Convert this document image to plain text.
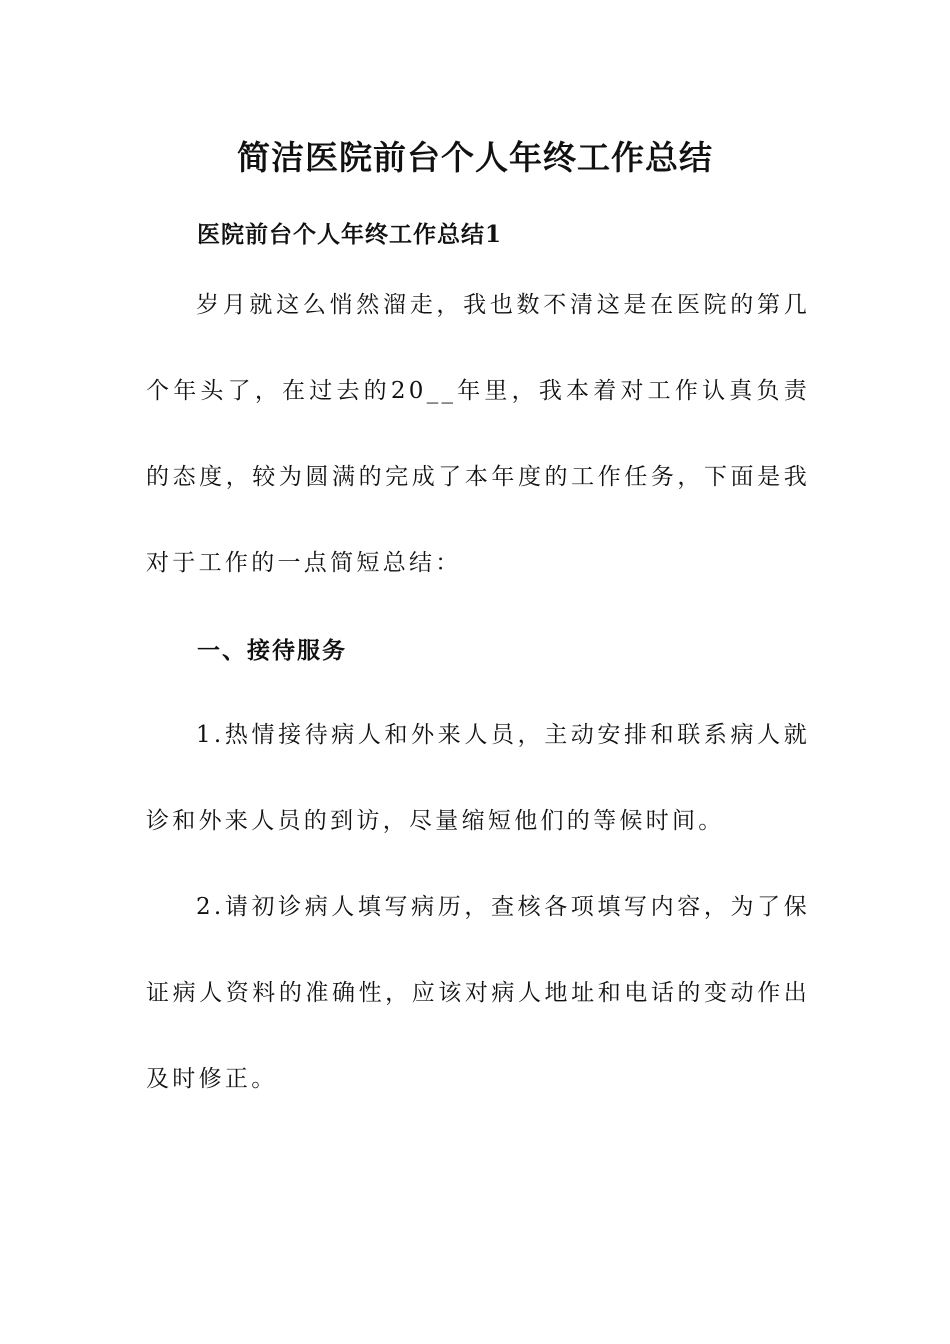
简洁医院前台个人年终工作总结
医院前台个人年终工作总结1
岁月就这么悄然溜走，我也数不清这是在医院的第几个年头了，在过去的20__年里，我本着对工作认真负责的态度，较为圆满的完成了本年度的工作任务，下面是我对于工作的一点简短总结：
一、接待服务
1.热情接待病人和外来人员，主动安排和联系病人就诊和外来人员的到访，尽量缩短他们的等候时间。
2.请初诊病人填写病历，查核各项填写内容，为了保证病人资料的准确性，应该对病人地址和电话的变动作出及时修正。
